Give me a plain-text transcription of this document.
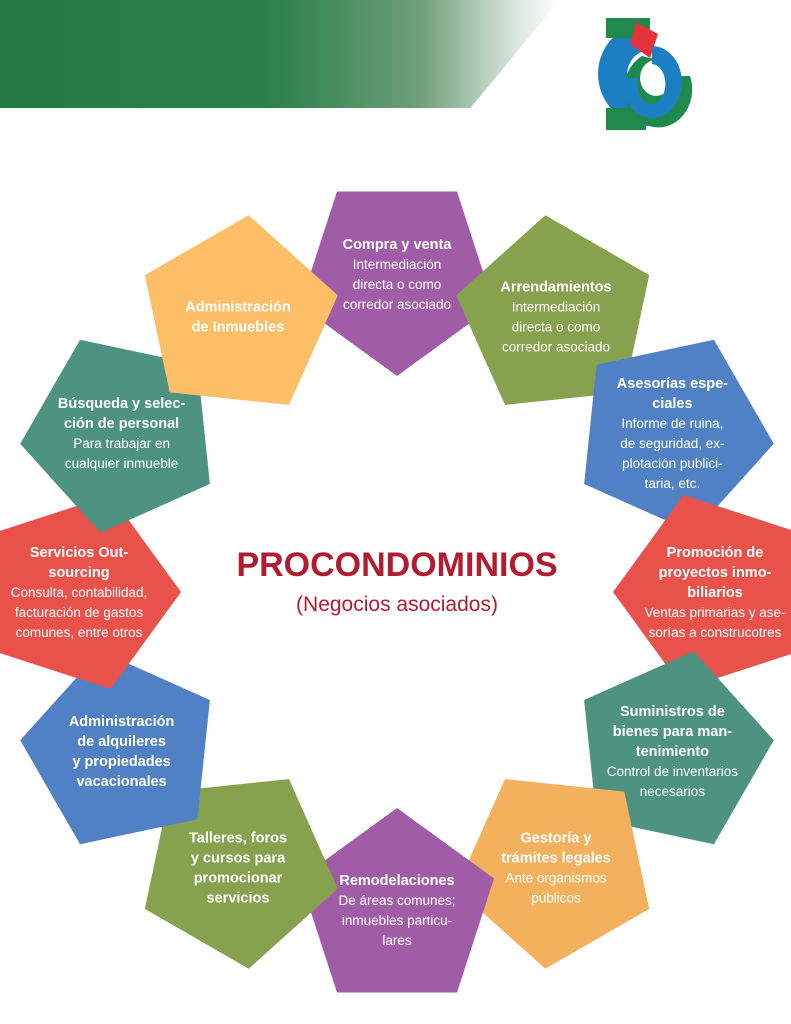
Compra y venta
Intermediación
directa o como
corredor asociado
Arrendamientos
Intermediación
directa o como
corredor asociado
Asesorías espe-
ciales
Informe de ruina,
de seguridad, ex-
plotación publici-
taria, etc.
Promoción de
proyectos inmo-
biliarios
Ventas primarias y ase-
sorías a construcotres
Suministros de
bienes para man-
tenimiento
Control de inventarios
necesarios
Gestoría y
trámites legales
Ante organismos
públicos
Remodelaciones
De áreas comunes;
inmuebles particu-
lares
Talleres, foros
y cursos para
promocionar
servicios
Administración
de alquileres
y propiedades
vacacionales
Servicios Out-
sourcing
Consulta, contabilidad,
facturación de gastos
comunes, entre otros
Búsqueda y selec-
ción de personal
Para trabajar en
cualquier inmueble
Administración
de Inmuebles
PROCONDOMINIOS
(Negocios asociados)
